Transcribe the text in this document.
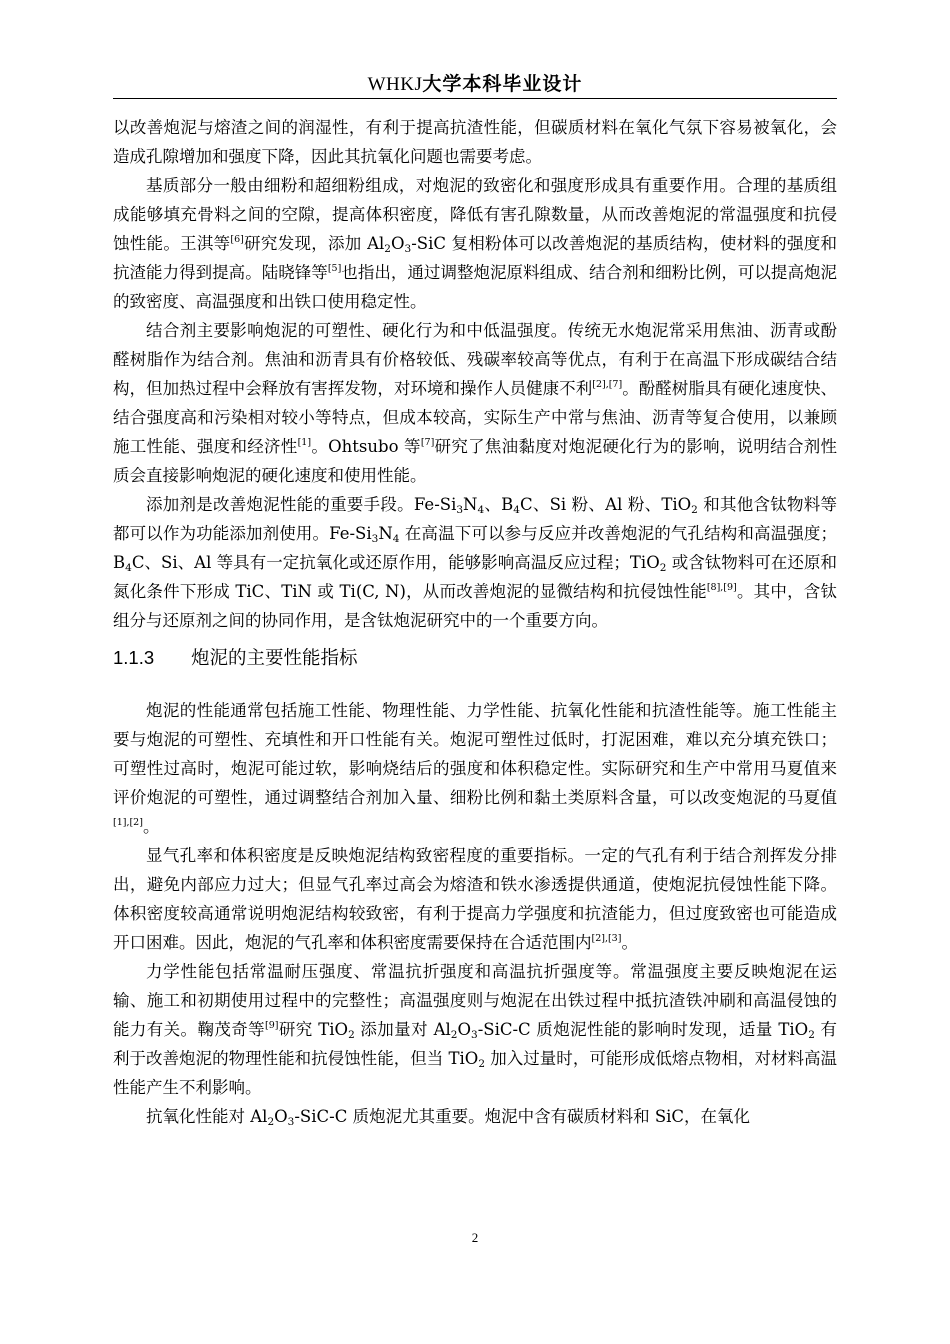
WHKJ大学本科毕业设计

以改善炮泥与熔渣之间的润湿性，有利于提高抗渣性能，但碳质材料在氧化气氛下容易被氧化，会造成孔隙增加和强度下降，因此其抗氧化问题也需要考虑。

基质部分一般由细粉和超细粉组成，对炮泥的致密化和强度形成具有重要作用。合理的基质组成能够填充骨料之间的空隙，提高体积密度，降低有害孔隙数量，从而改善炮泥的常温强度和抗侵蚀性能。王淇等[6]研究发现，添加 $Al_2O_3$-SiC 复相粉体可以改善炮泥的基质结构，使材料的强度和抗渣能力得到提高。陆晓锋等[5]也指出，通过调整炮泥原料组成、结合剂和细粉比例，可以提高炮泥的致密度、高温强度和出铁口使用稳定性。

结合剂主要影响炮泥的可塑性、硬化行为和中低温强度。传统无水炮泥常采用焦油、沥青或酚醛树脂作为结合剂。焦油和沥青具有价格较低、残碳率较高等优点，有利于在高温下形成碳结合结构，但加热过程中会释放有害挥发物，对环境和操作人员健康不利[2],[7]。酚醛树脂具有硬化速度快、结合强度高和污染相对较小等特点，但成本较高，实际生产中常与焦油、沥青等复合使用，以兼顾施工性能、强度和经济性[1]。Ohtsubo 等[7]研究了焦油黏度对炮泥硬化行为的影响，说明结合剂性质会直接影响炮泥的硬化速度和使用性能。

添加剂是改善炮泥性能的重要手段。$Fe-Si_3N_4$、$B_4C$、Si 粉、Al 粉、TiO$_2$ 和其他含钛物料等都可以作为功能添加剂使用。$Fe-Si_3N_4$ 在高温下可以参与反应并改善炮泥的气孔结构和高温强度；$B_4C$、Si、Al 等具有一定抗氧化或还原作用，能够影响高温反应过程；TiO$_2$ 或含钛物料可在还原和氮化条件下形成 TiC、TiN 或 Ti(C, N)，从而改善炮泥的显微结构和抗侵蚀性能[8],[9]。其中，含钛组分与还原剂之间的协同作用，是含钛炮泥研究中的一个重要方向。

1.1.3 炮泥的主要性能指标

炮泥的性能通常包括施工性能、物理性能、力学性能、抗氧化性能和抗渣性能等。施工性能主要与炮泥的可塑性、充填性和开口性能有关。炮泥可塑性过低时，打泥困难，难以充分填充铁口；可塑性过高时，炮泥可能过软，影响烧结后的强度和体积稳定性。实际研究和生产中常用马夏值来评价炮泥的可塑性，通过调整结合剂加入量、细粉比例和黏土类原料含量，可以改变炮泥的马夏值[1],[2]。

显气孔率和体积密度是反映炮泥结构致密程度的重要指标。一定的气孔有利于结合剂挥发分排出，避免内部应力过大；但显气孔率过高会为熔渣和铁水渗透提供通道，使炮泥抗侵蚀性能下降。体积密度较高通常说明炮泥结构较致密，有利于提高力学强度和抗渣能力，但过度致密也可能造成开口困难。因此，炮泥的气孔率和体积密度需要保持在合适范围内[2],[3]。

力学性能包括常温耐压强度、常温抗折强度和高温抗折强度等。常温强度主要反映炮泥在运输、施工和初期使用过程中的完整性；高温强度则与炮泥在出铁过程中抵抗渣铁冲刷和高温侵蚀的能力有关。鞠茂奇等[9]研究 TiO$_2$ 添加量对 $Al_2O_3-SiC-C$ 质炮泥性能的影响时发现，适量 TiO$_2$ 有利于改善炮泥的物理性能和抗侵蚀性能，但当 TiO$_2$ 加入过量时，可能形成低熔点物相，对材料高温性能产生不利影响。

抗氧化性能对 $Al_2O_3-SiC-C$ 质炮泥尤其重要。炮泥中含有碳质材料和 SiC，在氧化

2
